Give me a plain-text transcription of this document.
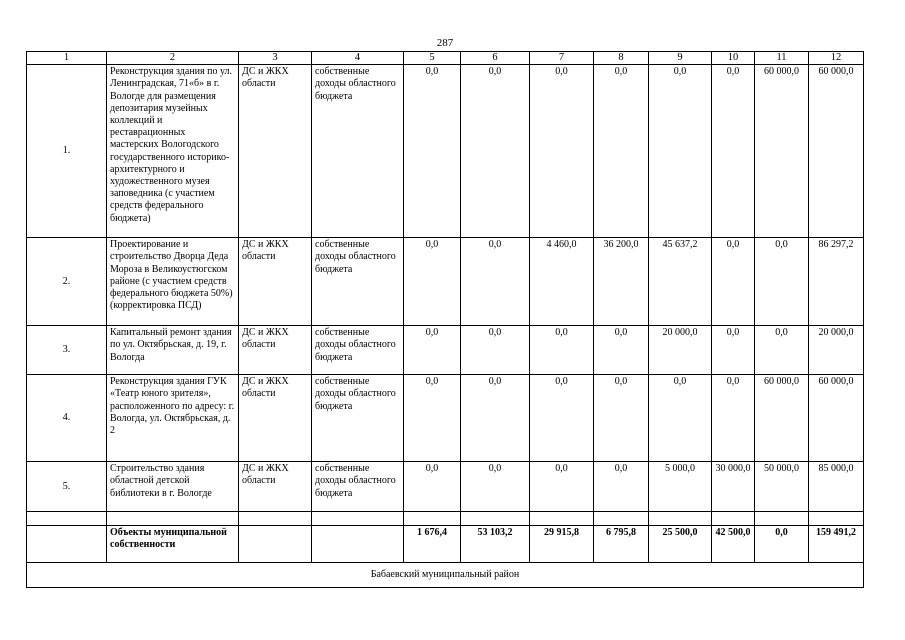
287
1	2	3	4	5	6	7	8	9	10	11	12
1.	Реконструкция здания по ул. Ленинградская, 71«б» в г. Вологде для размещения депозитария музейных коллекций и реставрационных мастерских Вологодского государственного историко-архитектурного и художественного музея заповедника (с участием средств федерального бюджета)	ДС и ЖКХ области	собственные доходы областного бюджета	0,0	0,0	0,0	0,0	0,0	0,0	60 000,0	60 000,0
2.	Проектирование и строительство Дворца Деда Мороза в Великоустюгском районе (с участием средств федерального бюджета 50%) (корректировка ПСД)	ДС и ЖКХ области	собственные доходы областного бюджета	0,0	0,0	4 460,0	36 200,0	45 637,2	0,0	0,0	86 297,2
3.	Капитальный ремонт здания по ул. Октябрьская, д. 19, г. Вологда	ДС и ЖКХ области	собственные доходы областного бюджета	0,0	0,0	0,0	0,0	20 000,0	0,0	0,0	20 000,0
4.	Реконструкция здания ГУК «Театр юного зрителя», расположенного по адресу: г. Вологда, ул. Октябрьская, д. 2	ДС и ЖКХ области	собственные доходы областного бюджета	0,0	0,0	0,0	0,0	0,0	0,0	60 000,0	60 000,0
5.	Строительство здания областной детской библиотеки в г. Вологде	ДС и ЖКХ области	собственные доходы областного бюджета	0,0	0,0	0,0	0,0	5 000,0	30 000,0	50 000,0	85 000,0

	Объекты муниципальной собственности			1 676,4	53 103,2	29 915,8	6 795,8	25 500,0	42 500,0	0,0	159 491,2
Бабаевский муниципальный район											
